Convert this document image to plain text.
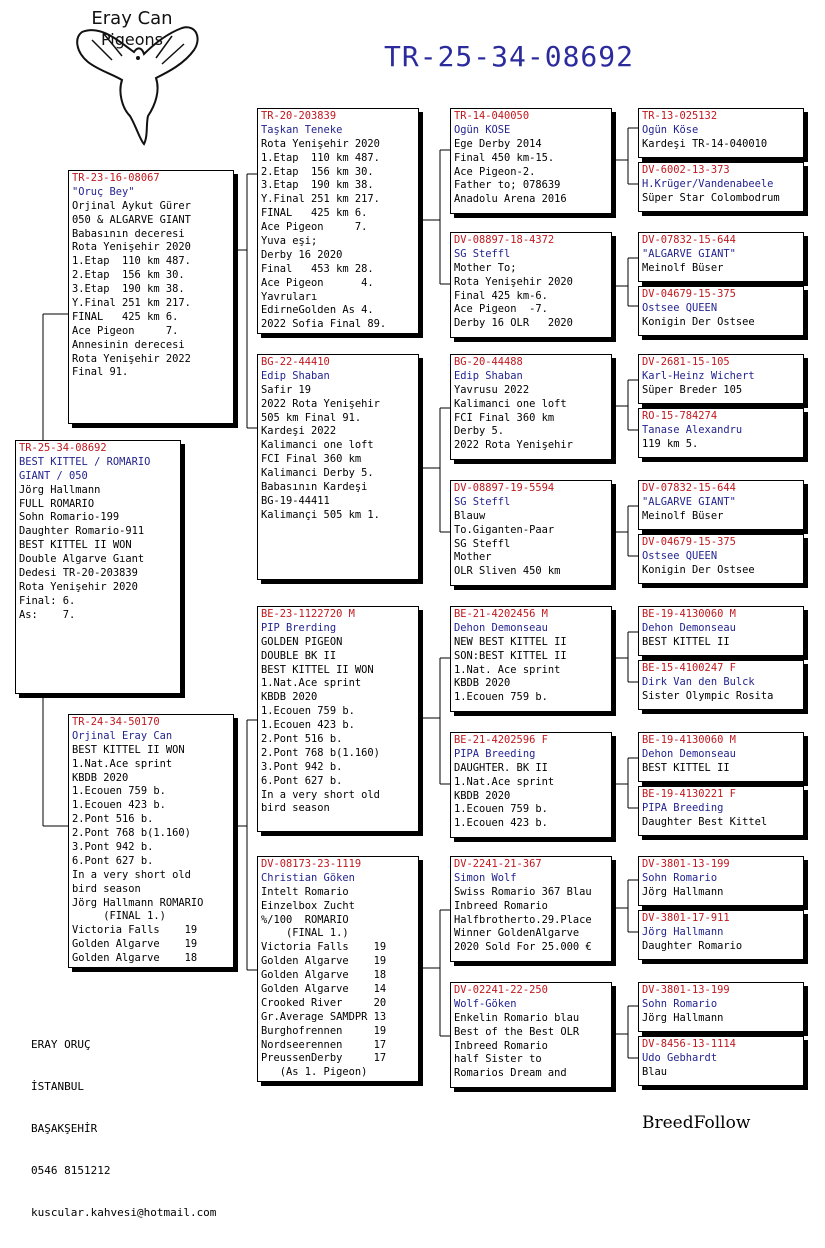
Eray Can
Pigeons
TR-25-34-08692
TR-25-34-08692
BEST KITTEL / ROMARİO
GIANT / 050
Jörg Hallmann
FULL ROMARİO
Sohn Romario-199
Daughter Romario-911
BEST KİTTEL II WON
Double Algarve Gıant
Dedesi TR-20-203839
Rota Yenişehir 2020
Final: 6.
As:    7.
TR-23-16-08067
"Oruç Bey"
Orjinal Aykut Gürer
050 & ALGARVE GIANT
Babasının deceresi
Rota Yenişehir 2020
1.Etap  110 km 487.
2.Etap  156 km 30.
3.Etap  190 km 38.
Y.Final 251 km 217.
FİNAL   425 km 6.
Ace Pigeon     7.
Annesinin derecesi
Rota Yenişehir 2022
Final 91.
TR-24-34-50170
Orjinal Eray Can
BEST KİTTEL II WON
1.Nat.Ace sprint
KBDB 2020
1.Ecouen 759 b.
1.Ecouen 423 b.
2.Pont 516 b.
2.Pont 768 b(1.160)
3.Pont 942 b.
6.Pont 627 b.
In a very short old
bird season
Jörg Hallmann ROMARİO
(FİNAL 1.)
Victoria Falls    19
Golden Algarve    19
Golden Algarve    18
TR-20-203839
Taşkan Teneke
Rota Yenişehir 2020
1.Etap  110 km 487.
2.Etap  156 km 30.
3.Etap  190 km 38.
Y.Final 251 km 217.
FİNAL   425 km 6.
Ace Pigeon     7.
Yuva eşi;
Derby 16 2020
Final   453 km 28.
Ace Pigeon      4.
Yavruları
EdirneGolden As 4.
2022 Sofia Final 89.
BG-22-44410
Edip Shaban
Safir 19
2022 Rota Yenişehir
505 km Final 91.
Kardeşi 2022
Kalimanci one loft
FCİ Final 360 km
Kalimanci Derby 5.
Babasının Kardeşi
BG-19-44411
Kalimançi 505 km 1.
BE-23-1122720 M
PIP Brerding
GOLDEN PIGEON
DOUBLE BK II
BEST KİTTEL II WON
1.Nat.Ace sprint
KBDB 2020
1.Ecouen 759 b.
1.Ecouen 423 b.
2.Pont 516 b.
2.Pont 768 b(1.160)
3.Pont 942 b.
6.Pont 627 b.
In a very short old
bird season
DV-08173-23-1119
Christian Göken
Intelt Romario
Einzelbox Zucht
%/100  ROMARİO
(FİNAL 1.)
Victoria Falls    19
Golden Algarve    19
Golden Algarve    18
Golden Algarve    14
Crooked River     20
Gr.Average SAMDPR 13
Burghofrennen     19
Nordseerennen     17
PreussenDerby     17
(As 1. Pigeon)
TR-14-040050
Ogün KÖSE
Ege Derby 2014
Final 450 km-15.
Ace Pigeon-2.
Father to; 078639
Anadolu Arena 2016
DV-08897-18-4372
SG Steffl
Mother To;
Rota Yenişehir 2020
Final 425 km-6.
Ace Pigeon  -7.
Derby 16 OLR   2020
BG-20-44488
Edip Shaban
Yavrusu 2022
Kalimanci one loft
FCİ Final 360 km
Derby 5.
2022 Rota Yenişehir
DV-08897-19-5594
SG Steffl
Blauw
To.Giganten-Paar
SG Steffl
Mother
OLR Sliven 450 km
BE-21-4202456 M
Dehon Demonseau
NEW BEST KITTEL II
SON:BEST KITTEL II
1.Nat. Ace sprint
KBDB 2020
1.Ecouen 759 b.
BE-21-4202596 F
PİPA Breeding
DAUGHTER. BK II
1.Nat.Ace sprint
KBDB 2020
1.Ecouen 759 b.
1.Ecouen 423 b.
DV-2241-21-367
Simon Wolf
Swiss Romario 367 Blau
Inbreed Romario
Halfbrotherto.29.Place
Winner GoldenAlgarve
2020 Sold For 25.000 €
DV-02241-22-250
Wolf-Göken
Enkelin Romario blau
Best of the Best OLR
Inbreed Romario
half Sister to
Romarios Dream and
TR-13-025132
Ogün Köse
Kardeşi TR-14-040010
DV-6002-13-373
H.Krüger/Vandenabeele
Süper Star Colombodrum
DV-07832-15-644
"ALGARVE GIANT"
Meinolf Büser
DV-04679-15-375
Ostsee QUEEN
Konigin Der Ostsee
DV-2681-15-105
Karl-Heinz Wichert
Süper Breder 105
RO-15-784274
Tanase Alexandru
119 km 5.
DV-07832-15-644
"ALGARVE GIANT"
Meinolf Büser
DV-04679-15-375
Ostsee QUEEN
Konigin Der Ostsee
BE-19-4130060 M
Dehon Demonseau
BEST KITTEL II
BE-15-4100247 F
Dirk Van den Bulck
Sister Olympic Rosita
BE-19-4130060 M
Dehon Demonseau
BEST KITTEL II
BE-19-4130221 F
PİPA Breeding
Daughter Best Kittel
DV-3801-13-199
Sohn Romario
Jörg Hallmann
DV-3801-17-911
Jörg Hallmann
Daughter Romario
DV-3801-13-199
Sohn Romario
Jörg Hallmann
DV-8456-13-1114
Udo Gebhardt
Blau

ERAY ORUÇ

İSTANBUL

BAŞAKŞEHİR

0546 8151212

kuscular.kahvesi@hotmail.com

BreedFollow
